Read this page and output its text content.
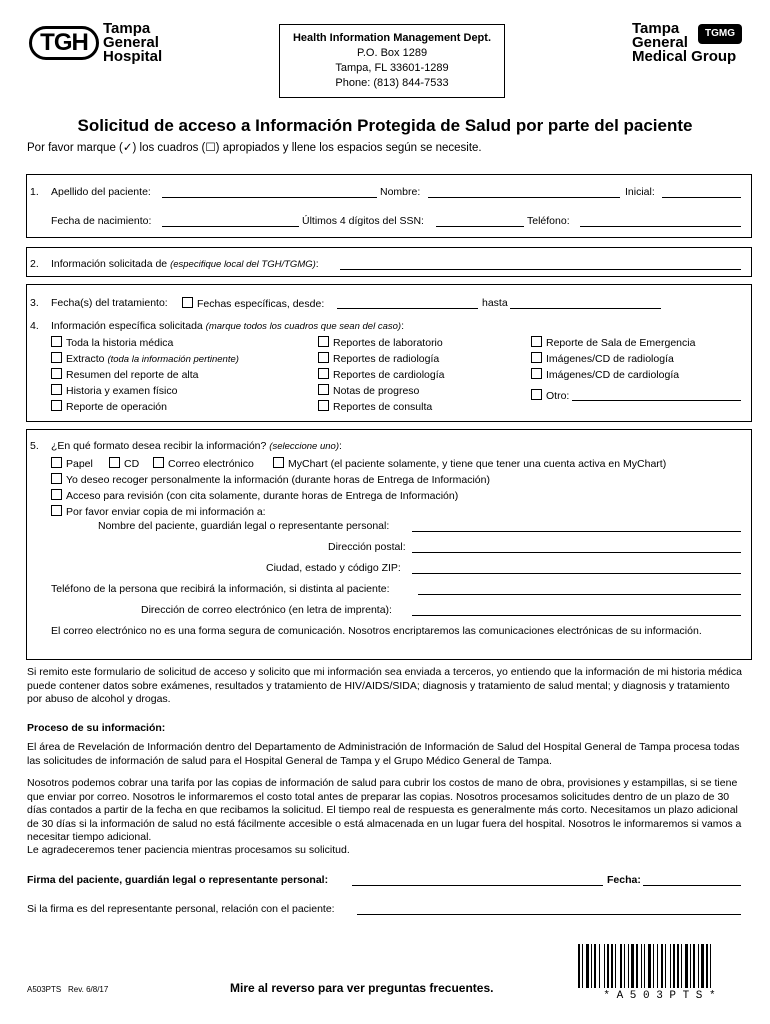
TGH
Tampa
General
Hospital
Health Information Management Dept.
P.O. Box 1289
Tampa, FL 33601-1289
Phone: (813) 844-7533
Tampa
General
Medical Group
TGMG
Solicitud de acceso a Información Protegida de Salud por parte del paciente
Por favor marque (✓) los cuadros (☐) apropiados y llene los espacios según se necesite.
1. Apellido del paciente:	Nombre:	Inicial:
Fecha de nacimiento:	Últimos 4 dígitos del SSN:	Teléfono:
2. Información solicitada de (especifique local del TGH/TGMG):
3. Fecha(s) del tratamiento:	Fechas específicas, desde:	hasta
4. Información específica solicitada (marque todos los cuadros que sean del caso):
Toda la historia médica
Extracto (toda la información pertinente)
Resumen del reporte de alta
Historia y examen físico
Reporte de operación
Reportes de laboratorio
Reportes de radiología
Reportes de cardiología
Notas de progreso
Reportes de consulta
Reporte de Sala de Emergencia
Imágenes/CD de radiología
Imágenes/CD de cardiología
Otro:
5. ¿En qué formato desea recibir la información? (seleccione uno):
Papel	CD	Correo electrónico	MyChart (el paciente solamente, y tiene que tener una cuenta activa en MyChart)
Yo deseo recoger personalmente la información (durante horas de Entrega de Información)
Acceso para revisión (con cita solamente, durante horas de Entrega de Información)
Por favor enviar copia de mi información a:
Nombre del paciente, guardián legal o representante personal:
Dirección postal:
Ciudad, estado y código ZIP:
Teléfono de la persona que recibirá la información, si distinta al paciente:
Dirección de correo electrónico (en letra de imprenta):
El correo electrónico no es una forma segura de comunicación. Nosotros encriptaremos las comunicaciones electrónicas de su información.
Si remito este formulario de solicitud de acceso y solicito que mi información sea enviada a terceros, yo entiendo que la información de mi historia médica puede contener datos sobre exámenes, resultados y tratamiento de HIV/AIDS/SIDA; diagnosis y tratamiento de salud mental; y diagnosis y tratamiento por abuso de alcohol y drogas.
Proceso de su información:
El área de Revelación de Información dentro del Departamento de Administración de Información de Salud del Hospital General de Tampa procesa todas las solicitudes de información de salud para el Hospital General de Tampa y el Grupo Médico General de Tampa.
Nosotros podemos cobrar una tarifa por las copias de información de salud para cubrir los costos de mano de obra, provisiones y estampillas, si se tiene que enviar por correo. Nosotros le informaremos el costo total antes de preparar las copias. Nosotros procesamos solicitudes dentro de un plazo de 30 días contados a partir de la fecha en que recibamos la solicitud. El tiempo real de respuesta es generalmente más corto. Necesitamos un plazo adicional de 30 días si la información de salud no está fácilmente accesible o está almacenada en un lugar fuera del hospital. Nosotros le informaremos si vamos a necesitar tiempo adicional.
Le agradeceremos tener paciencia mientras procesamos su solicitud.
Firma del paciente, guardián legal o representante personal:	Fecha:
Si la firma es del representante personal, relación con el paciente:
A503PTS Rev. 6/8/17	Mire al reverso para ver preguntas frecuentes.
* A 5 0 3 P T S *
